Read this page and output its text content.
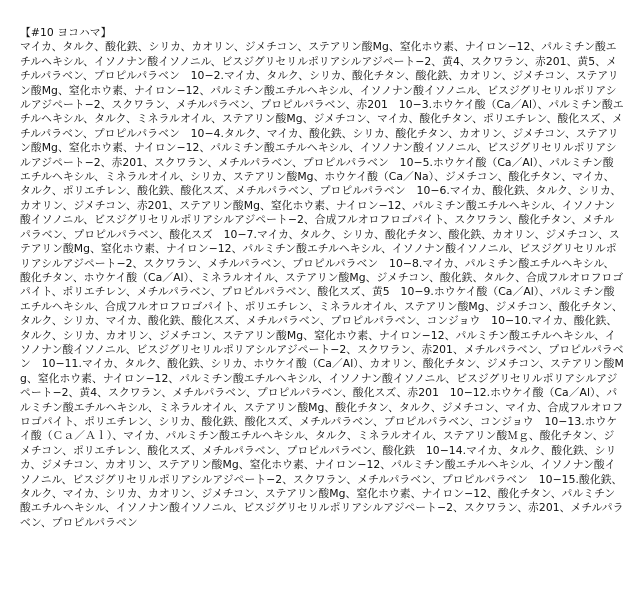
【#10 ヨコハマ】
マイカ、タルク、酸化鉄、シリカ、カオリン、ジメチコン、ステアリン酸Mg、窒化ホウ素、ナイロン−12、パルミチン酸エチルヘキシル、イソノナン酸イソノニル、ビスジグリセリルポリアシルアジペート−2、黄4、スクワラン、赤201、黄5、メチルパラベン、プロピルパラベン　10−2.マイカ、タルク、シリカ、酸化チタン、酸化鉄、カオリン、ジメチコン、ステアリン酸Mg、窒化ホウ素、ナイロン−12、パルミチン酸エチルヘキシル、イソノナン酸イソノニル、ビスジグリセリルポリアシルアジペート−2、スクワラン、メチルパラベン、プロピルパラベン、赤201　10−3.ホウケイ酸（Ca／Al）、パルミチン酸エチルヘキシル、タルク、ミネラルオイル、ステアリン酸Mg、ジメチコン、マイカ、酸化チタン、ポリエチレン、酸化スズ、メチルパラベン、プロピルパラベン　10−4.タルク、マイカ、酸化鉄、シリカ、酸化チタン、カオリン、ジメチコン、ステアリン酸Mg、窒化ホウ素、ナイロン−12、パルミチン酸エチルヘキシル、イソノナン酸イソノニル、ビスジグリセリルポリアシルアジペート−2、赤201、スクワラン、メチルパラベン、プロピルパラベン　10−5.ホウケイ酸（Ca／Al）、パルミチン酸エチルヘキシル、ミネラルオイル、シリカ、ステアリン酸Mg、ホウケイ酸（Ca／Na）、ジメチコン、酸化チタン、マイカ、タルク、ポリエチレン、酸化鉄、酸化スズ、メチルパラベン、プロピルパラベン　10−6.マイカ、酸化鉄、タルク、シリカ、カオリン、ジメチコン、赤201、ステアリン酸Mg、窒化ホウ素、ナイロン−12、パルミチン酸エチルヘキシル、イソノナン酸イソノニル、ビスジグリセリルポリアシルアジペート−2、合成フルオロフロゴパイト、スクワラン、酸化チタン、メチルパラベン、プロピルパラベン、酸化スズ　10−7.マイカ、タルク、シリカ、酸化チタン、酸化鉄、カオリン、ジメチコン、ステアリン酸Mg、窒化ホウ素、ナイロン−12、パルミチン酸エチルヘキシル、イソノナン酸イソノニル、ビスジグリセリルポリアシルアジペート−2、スクワラン、メチルパラベン、プロピルパラベン　10−8.マイカ、パルミチン酸エチルヘキシル、酸化チタン、ホウケイ酸（Ca／Al）、ミネラルオイル、ステアリン酸Mg、ジメチコン、酸化鉄、タルク、合成フルオロフロゴパイト、ポリエチレン、メチルパラベン、プロピルパラベン、酸化スズ、黄5　10−9.ホウケイ酸（Ca／Al）、パルミチン酸エチルヘキシル、合成フルオロフロゴパイト、ポリエチレン、ミネラルオイル、ステアリン酸Mg、ジメチコン、酸化チタン、タルク、シリカ、マイカ、酸化鉄、酸化スズ、メチルパラベン、プロピルパラベン、コンジョウ　10−10.マイカ、酸化鉄、タルク、シリカ、カオリン、ジメチコン、ステアリン酸Mg、窒化ホウ素、ナイロン−12、パルミチン酸エチルヘキシル、イソノナン酸イソノニル、ビスジグリセリルポリアシルアジペート−2、スクワラン、赤201、メチルパラベン、プロピルパラベン　10−11.マイカ、タルク、酸化鉄、シリカ、ホウケイ酸（Ca／Al）、カオリン、酸化チタン、ジメチコン、ステアリン酸Mg、窒化ホウ素、ナイロン−12、パルミチン酸エチルヘキシル、イソノナン酸イソノニル、ビスジグリセリルポリアシルアジペート−2、黄4、スクワラン、メチルパラベン、プロピルパラベン、酸化スズ、赤201　10−12.ホウケイ酸（Ca／Al）、パルミチン酸エチルヘキシル、ミネラルオイル、ステアリン酸Mg、酸化チタン、タルク、ジメチコン、マイカ、合成フルオロフロゴパイト、ポリエチレン、シリカ、酸化鉄、酸化スズ、メチルパラベン、プロピルパラベン、コンジョウ　10−13.ホウケイ酸（Ｃａ／Ａｌ）、マイカ、パルミチン酸エチルヘキシル、タルク、ミネラルオイル、ステアリン酸Ｍｇ、酸化チタン、ジメチコン、ポリエチレン、酸化スズ、メチルパラベン、プロピルパラベン、酸化鉄　10−14.マイカ、タルク、酸化鉄、シリカ、ジメチコン、カオリン、ステアリン酸Mg、窒化ホウ素、ナイロン−12、パルミチン酸エチルヘキシル、イソノナン酸イソノニル、ビスジグリセリルポリアシルアジペート−2、スクワラン、メチルパラベン、プロピルパラベン　10−15.酸化鉄、タルク、マイカ、シリカ、カオリン、ジメチコン、ステアリン酸Mg、窒化ホウ素、ナイロン−12、酸化チタン、パルミチン酸エチルヘキシル、イソノナン酸イソノニル、ビスジグリセリルポリアシルアジペート−2、スクワラン、赤201、メチルパラベン、プロピルパラベン
